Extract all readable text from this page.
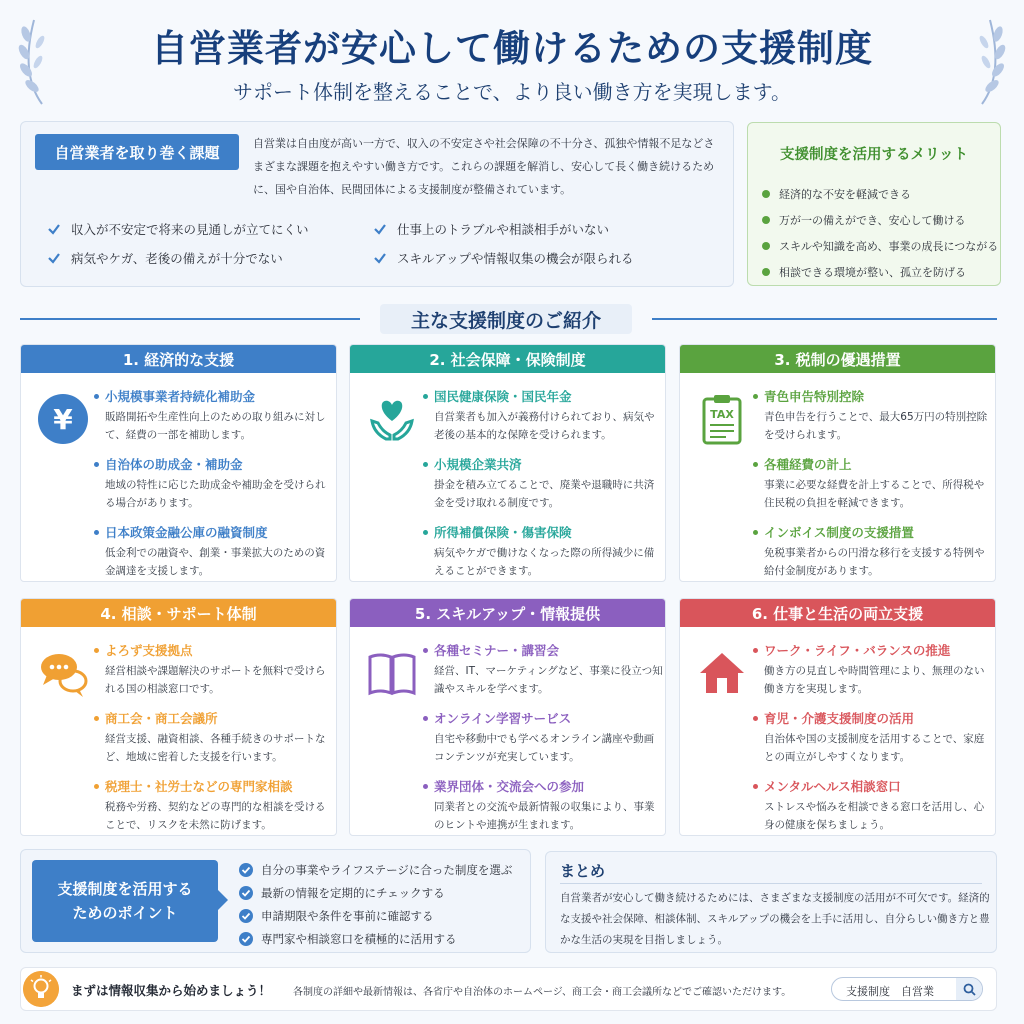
自営業者が安心して働けるための支援制度
サポート体制を整えることで、より良い働き方を実現します。
自営業者を取り巻く課題	自営業は自由度が高い一方で、収入の不安定さや社会保障の不十分さ、孤独や情報不足などさまざまな課題を抱えやすい働き方です。これらの課題を解消し、安心して長く働き続けるために、国や自治体、民間団体による支援制度が整備されています。

収入が不安定で将来の見通しが立てにくい	仕事上のトラブルや相談相手がいない
病気やケガ、老後の備えが十分でない	スキルアップや情報収集の機会が限られる
支援制度を活用するメリット
経済的な不安を軽減できる
万が一の備えができ、安心して働ける
スキルや知識を高め、事業の成長につながる
相談できる環境が整い、孤立を防げる
主な支援制度のご紹介
1. 経済的な支援
¥
小規模事業者持続化補助金
販路開拓や生産性向上のための取り組みに対して、経費の一部を補助します。
自治体の助成金・補助金
地域の特性に応じた助成金や補助金を受けられる場合があります。
日本政策金融公庫の融資制度
低金利での融資や、創業・事業拡大のための資金調達を支援します。
2. 社会保障・保険制度
国民健康保険・国民年金
自営業者も加入が義務付けられており、病気や老後の基本的な保障を受けられます。
小規模企業共済
掛金を積み立てることで、廃業や退職時に共済金を受け取れる制度です。
所得補償保険・傷害保険
病気やケガで働けなくなった際の所得減少に備えることができます。
3. 税制の優遇措置
TAX
青色申告特別控除
青色申告を行うことで、最大65万円の特別控除を受けられます。
各種経費の計上
事業に必要な経費を計上することで、所得税や住民税の負担を軽減できます。
インボイス制度の支援措置
免税事業者からの円滑な移行を支援する特例や給付金制度があります。
4. 相談・サポート体制
よろず支援拠点
経営相談や課題解決のサポートを無料で受けられる国の相談窓口です。
商工会・商工会議所
経営支援、融資相談、各種手続きのサポートなど、地域に密着した支援を行います。
税理士・社労士などの専門家相談
税務や労務、契約などの専門的な相談を受けることで、リスクを未然に防げます。
5. スキルアップ・情報提供
各種セミナー・講習会
経営、IT、マーケティングなど、事業に役立つ知識やスキルを学べます。
オンライン学習サービス
自宅や移動中でも学べるオンライン講座や動画コンテンツが充実しています。
業界団体・交流会への参加
同業者との交流や最新情報の収集により、事業のヒントや連携が生まれます。
6. 仕事と生活の両立支援
ワーク・ライフ・バランスの推進
働き方の見直しや時間管理により、無理のない働き方を実現します。
育児・介護支援制度の活用
自治体や国の支援制度を活用することで、家庭との両立がしやすくなります。
メンタルヘルス相談窓口
ストレスや悩みを相談できる窓口を活用し、心身の健康を保ちましょう。
支援制度を活用する
ためのポイント
自分の事業やライフステージに合った制度を選ぶ
最新の情報を定期的にチェックする
申請期限や条件を事前に確認する
専門家や相談窓口を積極的に活用する
まとめ

自営業者が安心して働き続けるためには、さまざまな支援制度の活用が不可欠です。経済的な支援や社会保障、相談体制、スキルアップの機会を上手に活用し、自分らしい働き方と豊かな生活の実現を目指しましょう。

まずは情報収集から始めましょう！ 各制度の詳細や最新情報は、各省庁や自治体のホームページ、商工会・商工会議所などでご確認いただけます。	支援制度　自営業
